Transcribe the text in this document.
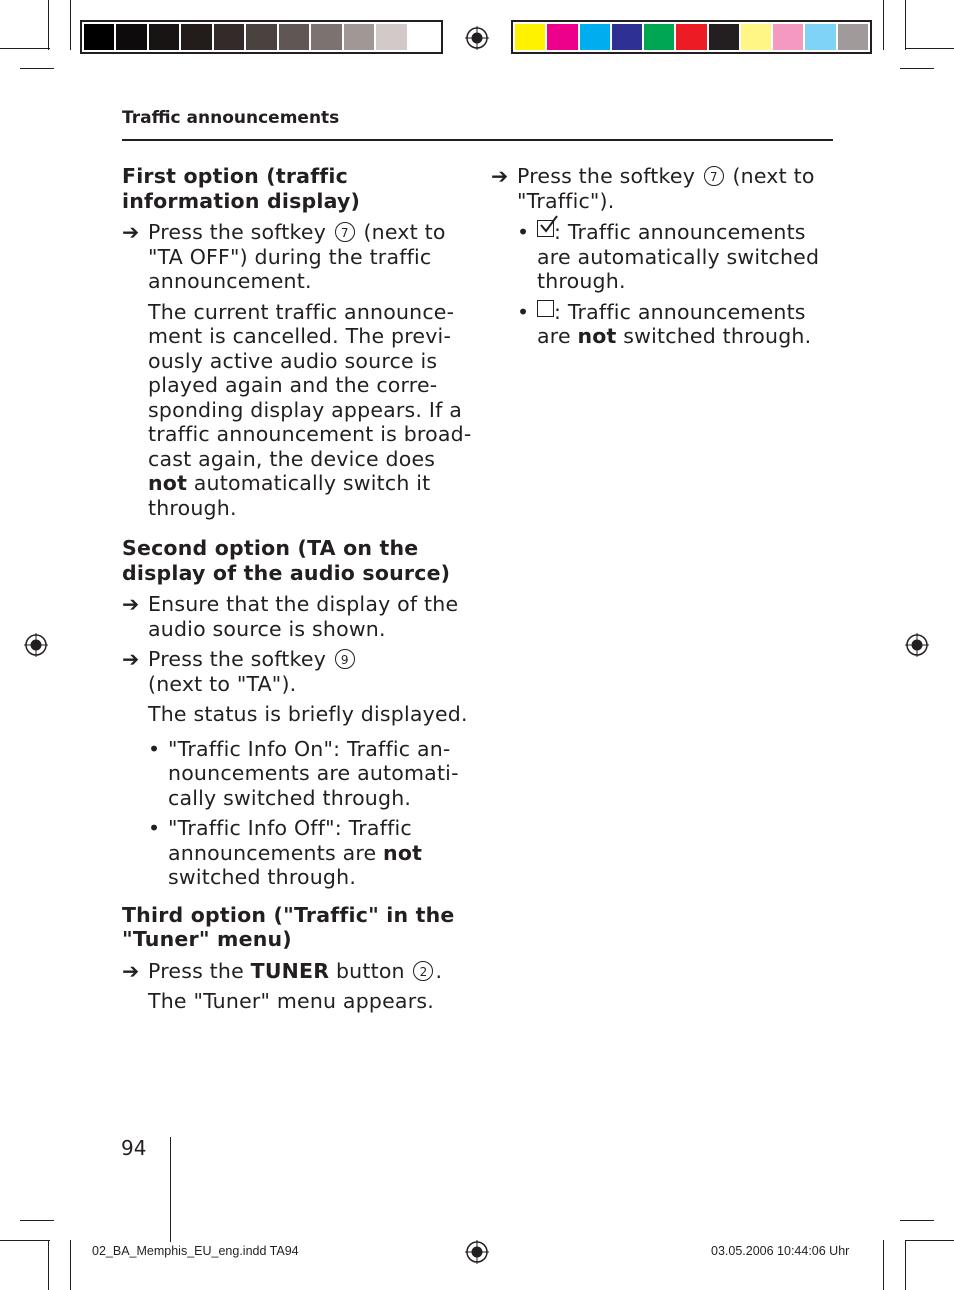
Traffic announcements

First option (traffic information display)

➔ Press the softkey 7 (next to "TA OFF") during the traffic announcement.

The current traffic announce-ment is cancelled. The previ-ously active audio source is played again and the corre-sponding display appears. If a traffic announcement is broad-cast again, the device does not automatically switch it through.

Second option (TA on the display of the audio source)

➔ Ensure that the display of the audio source is shown.

➔ Press the softkey 9
(next to "TA").

The status is briefly displayed.

• "Traffic Info On": Traffic an-nouncements are automati-cally switched through.

• "Traffic Info Off": Traffic announcements are not switched through.

Third option ("Traffic" in the "Tuner" menu)

➔ Press the TUNER button 2 .

The "Tuner" menu appears.

➔ Press the softkey 7 (next to "Traffic").

• : Traffic announcements are automatically switched through.

• : Traffic announcements are not switched through.

94
02_BA_Memphis_EU_eng.indd TA94	03.05.2006 10:44:06 Uhr
